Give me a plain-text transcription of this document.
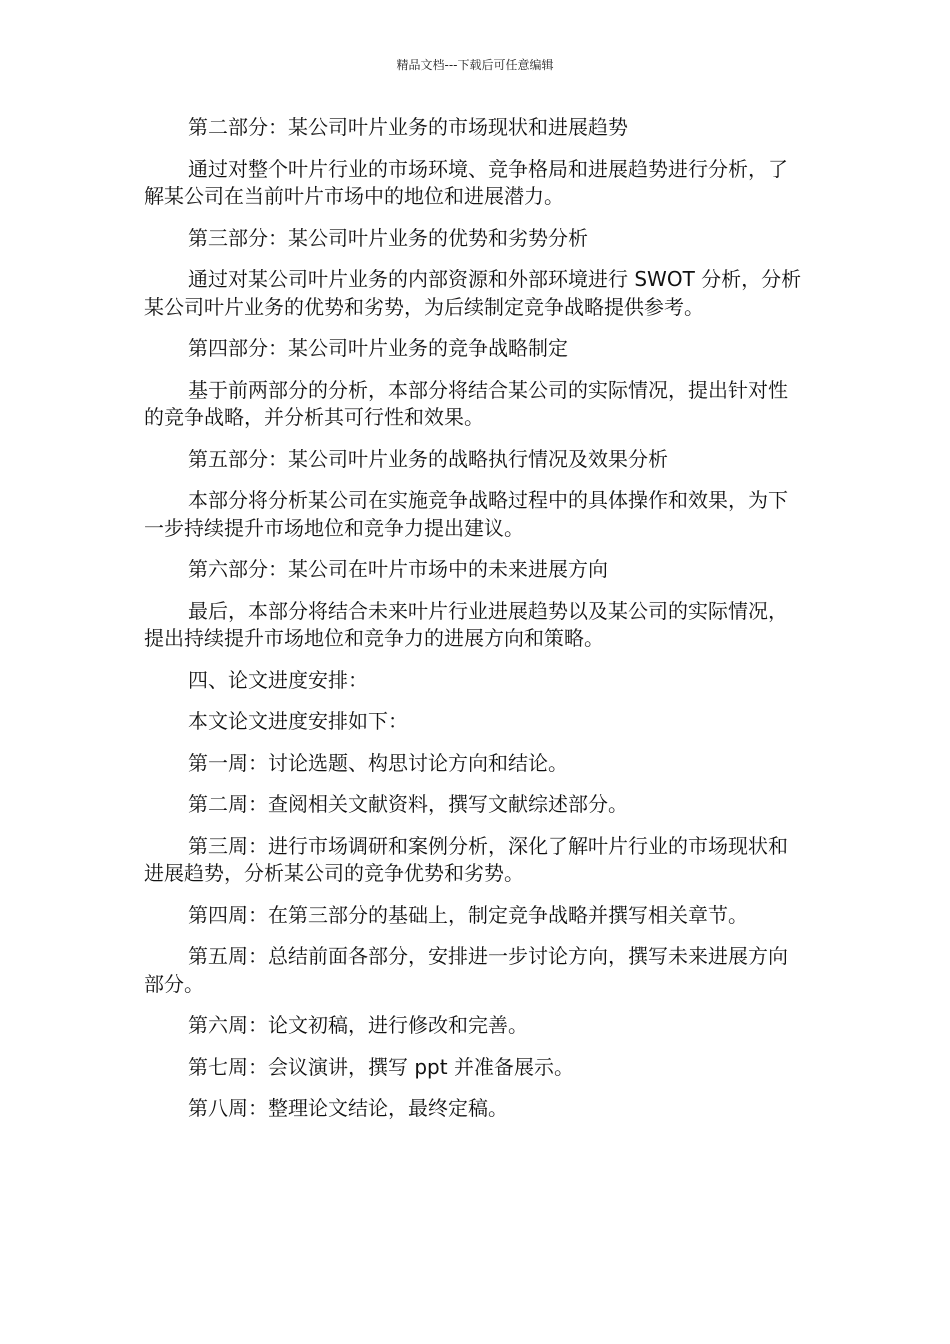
精品文档---下载后可任意编辑

第二部分：某公司叶片业务的市场现状和进展趋势

通过对整个叶片行业的市场环境、竞争格局和进展趋势进行分析，了解某公司在当前叶片市场中的地位和进展潜力。

第三部分：某公司叶片业务的优势和劣势分析

通过对某公司叶片业务的内部资源和外部环境进行 SWOT 分析，分析某公司叶片业务的优势和劣势，为后续制定竞争战略提供参考。

第四部分：某公司叶片业务的竞争战略制定

基于前两部分的分析，本部分将结合某公司的实际情况，提出针对性的竞争战略，并分析其可行性和效果。

第五部分：某公司叶片业务的战略执行情况及效果分析

本部分将分析某公司在实施竞争战略过程中的具体操作和效果，为下一步持续提升市场地位和竞争力提出建议。

第六部分：某公司在叶片市场中的未来进展方向

最后，本部分将结合未来叶片行业进展趋势以及某公司的实际情况，提出持续提升市场地位和竞争力的进展方向和策略。

四、论文进度安排：

本文论文进度安排如下：

第一周：讨论选题、构思讨论方向和结论。

第二周：查阅相关文献资料，撰写文献综述部分。

第三周：进行市场调研和案例分析，深化了解叶片行业的市场现状和进展趋势，分析某公司的竞争优势和劣势。

第四周：在第三部分的基础上，制定竞争战略并撰写相关章节。

第五周：总结前面各部分，安排进一步讨论方向，撰写未来进展方向部分。

第六周：论文初稿，进行修改和完善。

第七周：会议演讲，撰写 ppt 并准备展示。

第八周：整理论文结论，最终定稿。
